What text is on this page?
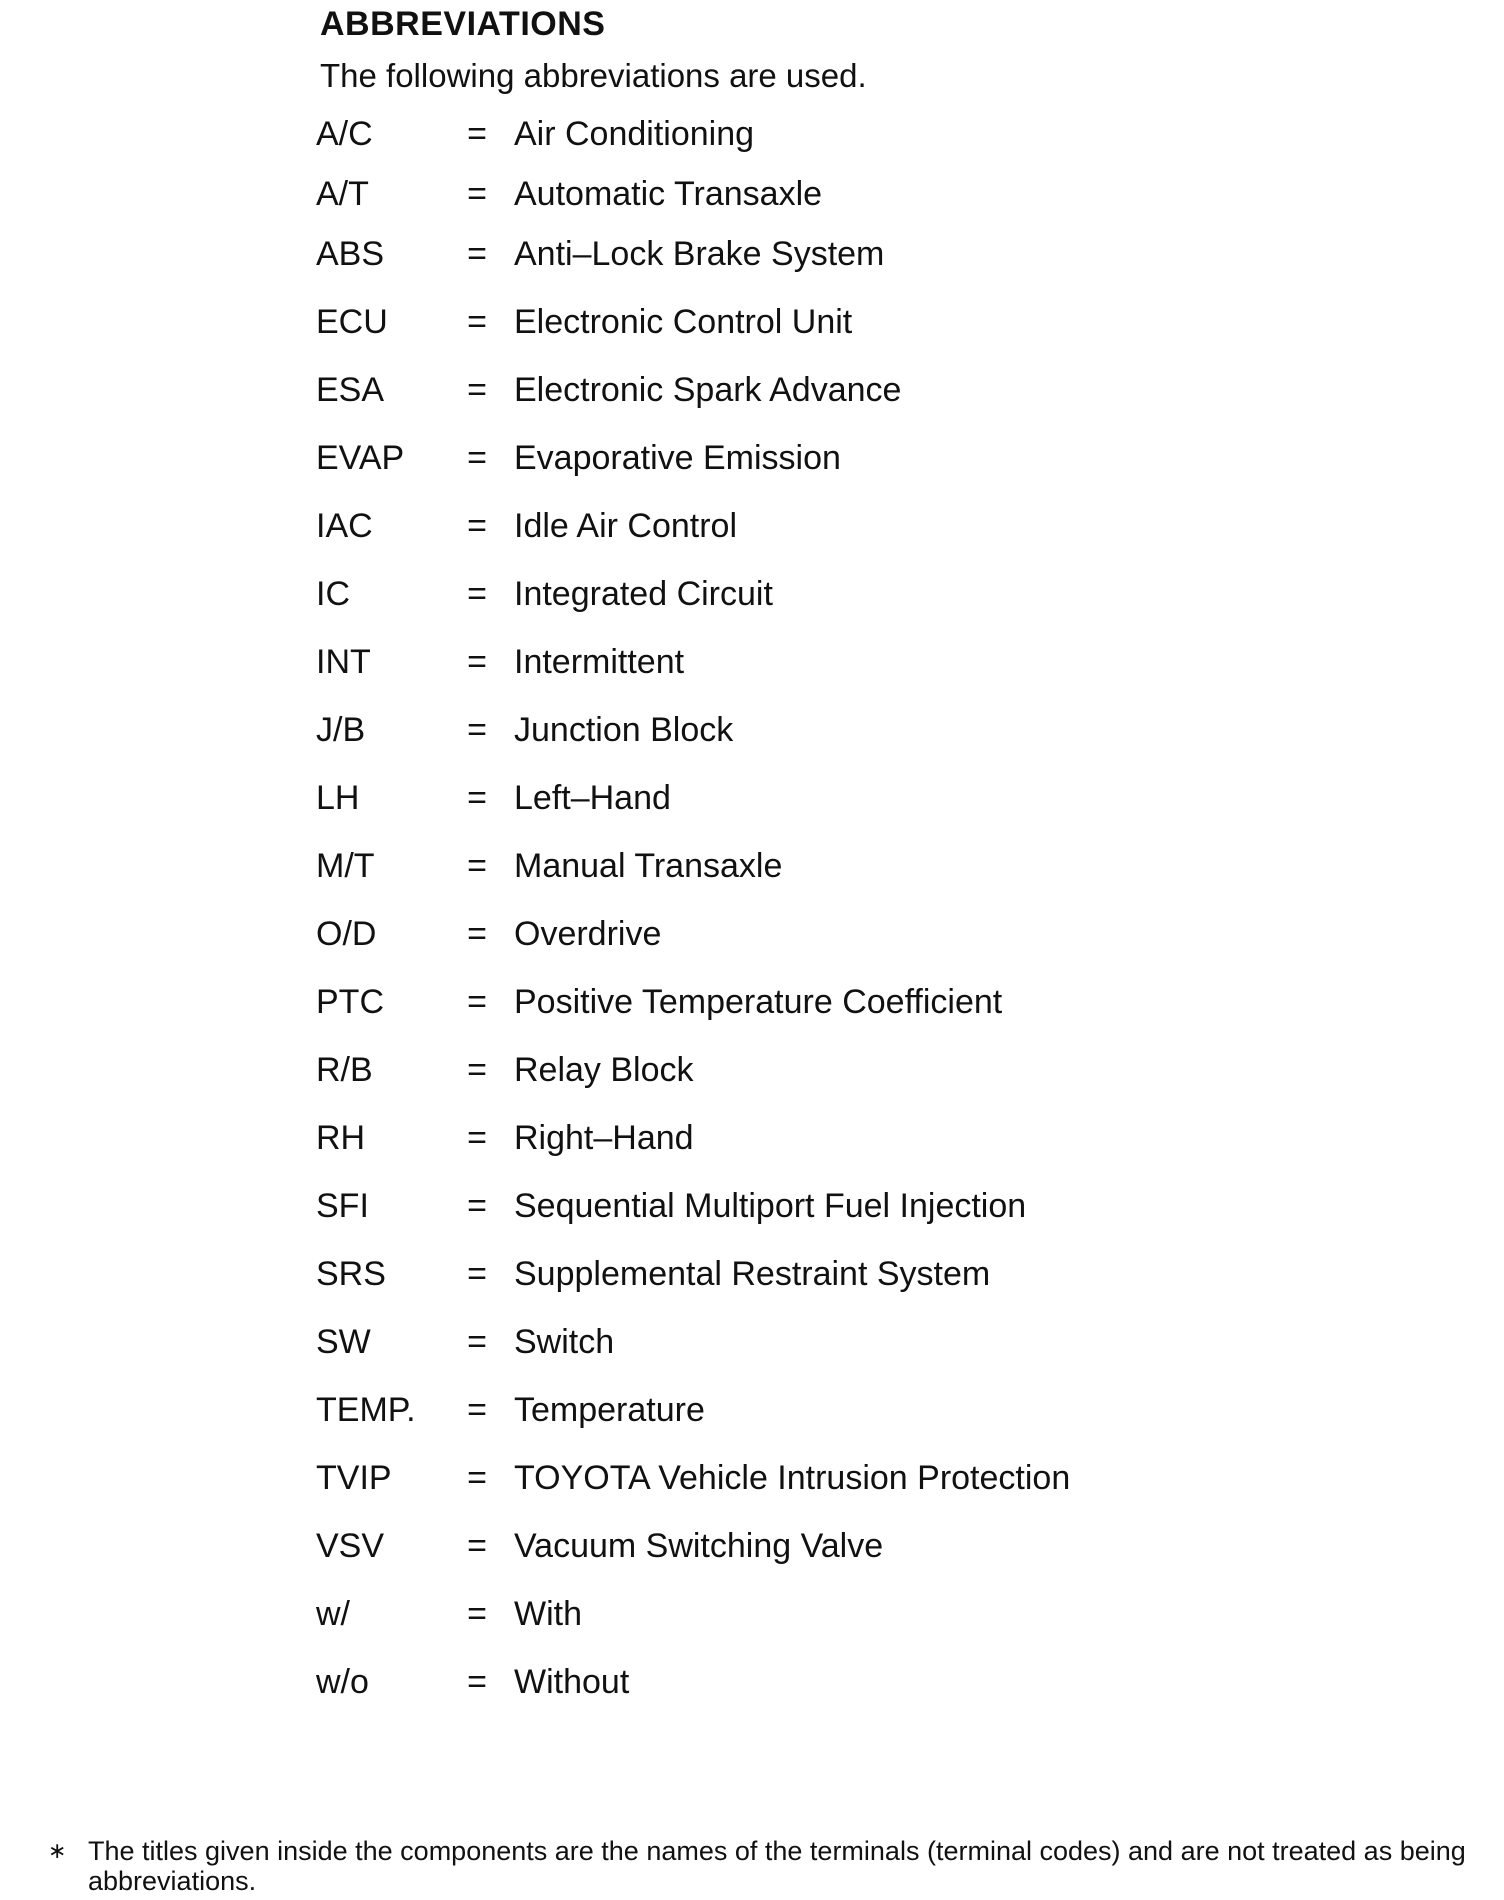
ABBREVIATIONS
The following abbreviations are used.
A/C	= Air Conditioning
A/T	= Automatic Transaxle
ABS	= Anti–Lock Brake System
ECU	= Electronic Control Unit
ESA	= Electronic Spark Advance
EVAP	= Evaporative Emission
IAC	= Idle Air Control
IC	= Integrated Circuit
INT	= Intermittent
J/B	= Junction Block
LH	= Left–Hand
M/T	= Manual Transaxle
O/D	= Overdrive
PTC	= Positive Temperature Coefficient
R/B	= Relay Block
RH	= Right–Hand
SFI	= Sequential Multiport Fuel Injection
SRS	= Supplemental Restraint System
SW	= Switch
TEMP.	= Temperature
TVIP	= TOYOTA Vehicle Intrusion Protection
VSV	= Vacuum Switching Valve
w/	= With
w/o	= Without
∗ The titles given inside the components are the names of the terminals (terminal codes) and are not treated as being abbreviations.
